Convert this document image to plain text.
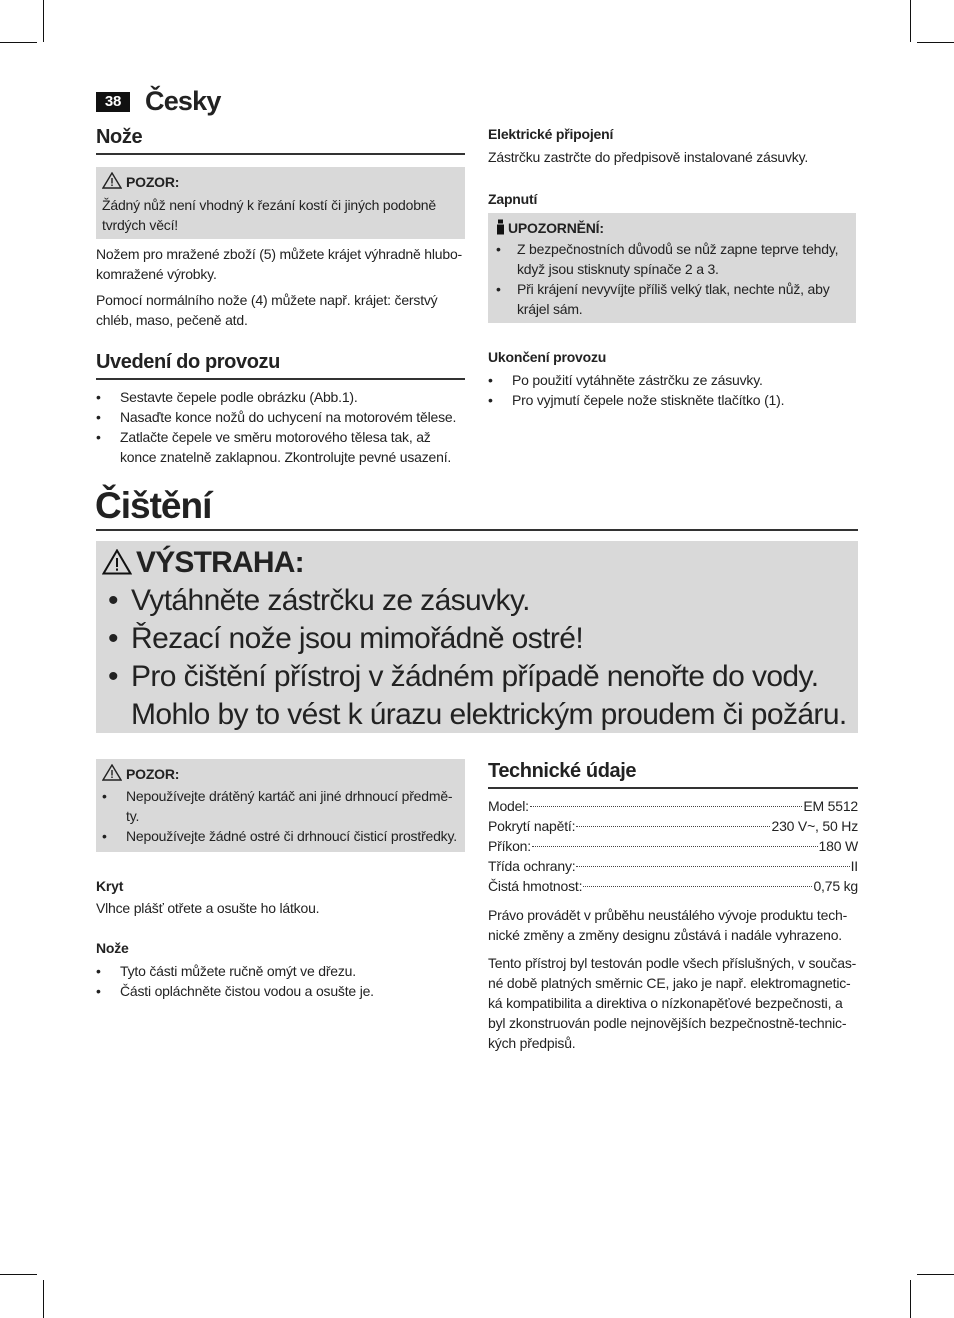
38 Česky
Nože
POZOR:

Žádný nůž není vhodný k řezání kostí či jiných podobně tvrdých věcí!

Nožem pro mražené zboží (5) můžete krájet výhradně hlubokomražené výrobky.

Pomocí normálního nože (4) můžete např. krájet: čerstvý chléb, maso, pečeně atd.

Uvedení do provozu
• Sestavte čepele podle obrázku (Abb.1).
• Nasaďte konce nožů do uchycení na motorovém tělese.
• Zatlačte čepele ve směru motorového tělesa tak, až konce znatelně zaklapnou. Zkontrolujte pevné usazení.
Elektrické připojení

Zástrčku zastrčte do předpisově instalované zásuvky.

Zapnutí
UPOZORNĚNÍ:
• Z bezpečnostních důvodů se nůž zapne teprve tehdy, když jsou stisknuty spínače 2 a 3.
• Při krájení nevyvíjte příliš velký tlak, nechte nůž, aby krájel sám.
Ukončení provozu
• Po použití vytáhněte zástrčku ze zásuvky.
• Pro vyjmutí čepele nože stiskněte tlačítko (1).
Čištění
VÝSTRAHA:
• Vytáhněte zástrčku ze zásuvky.
• Řezací nože jsou mimořádně ostré!
• Pro čištění přístroj v žádném případě nenořte do vody. Mohlo by to vést k úrazu elektrickým proudem či požáru.
POZOR:
• Nepoužívejte drátěný kartáč ani jiné drhnoucí předměty.
• Nepoužívejte žádné ostré či drhnoucí čisticí prostředky.
Kryt

Vlhce plášť otřete a osušte ho látkou.

Nože
• Tyto části můžete ručně omýt ve dřezu.
• Části opláchněte čistou vodou a osušte je.
Technické údaje
Model:	EM 5512
Pokrytí napětí:	230 V~, 50 Hz
Příkon:	180 W
Třída ochrany:	II
Čistá hmotnost:	0,75 kg

Právo provádět v průběhu neustálého vývoje produktu technické změny a změny designu zůstává i nadále vyhrazeno.

Tento přístroj byl testován podle všech příslušných, v současné době platných směrnic CE, jako je např. elektromagnetická kompatibilita a direktiva o nízkonapěťové bezpečnosti, a byl zkonstruován podle nejnovějších bezpečnostně-technických předpisů.
